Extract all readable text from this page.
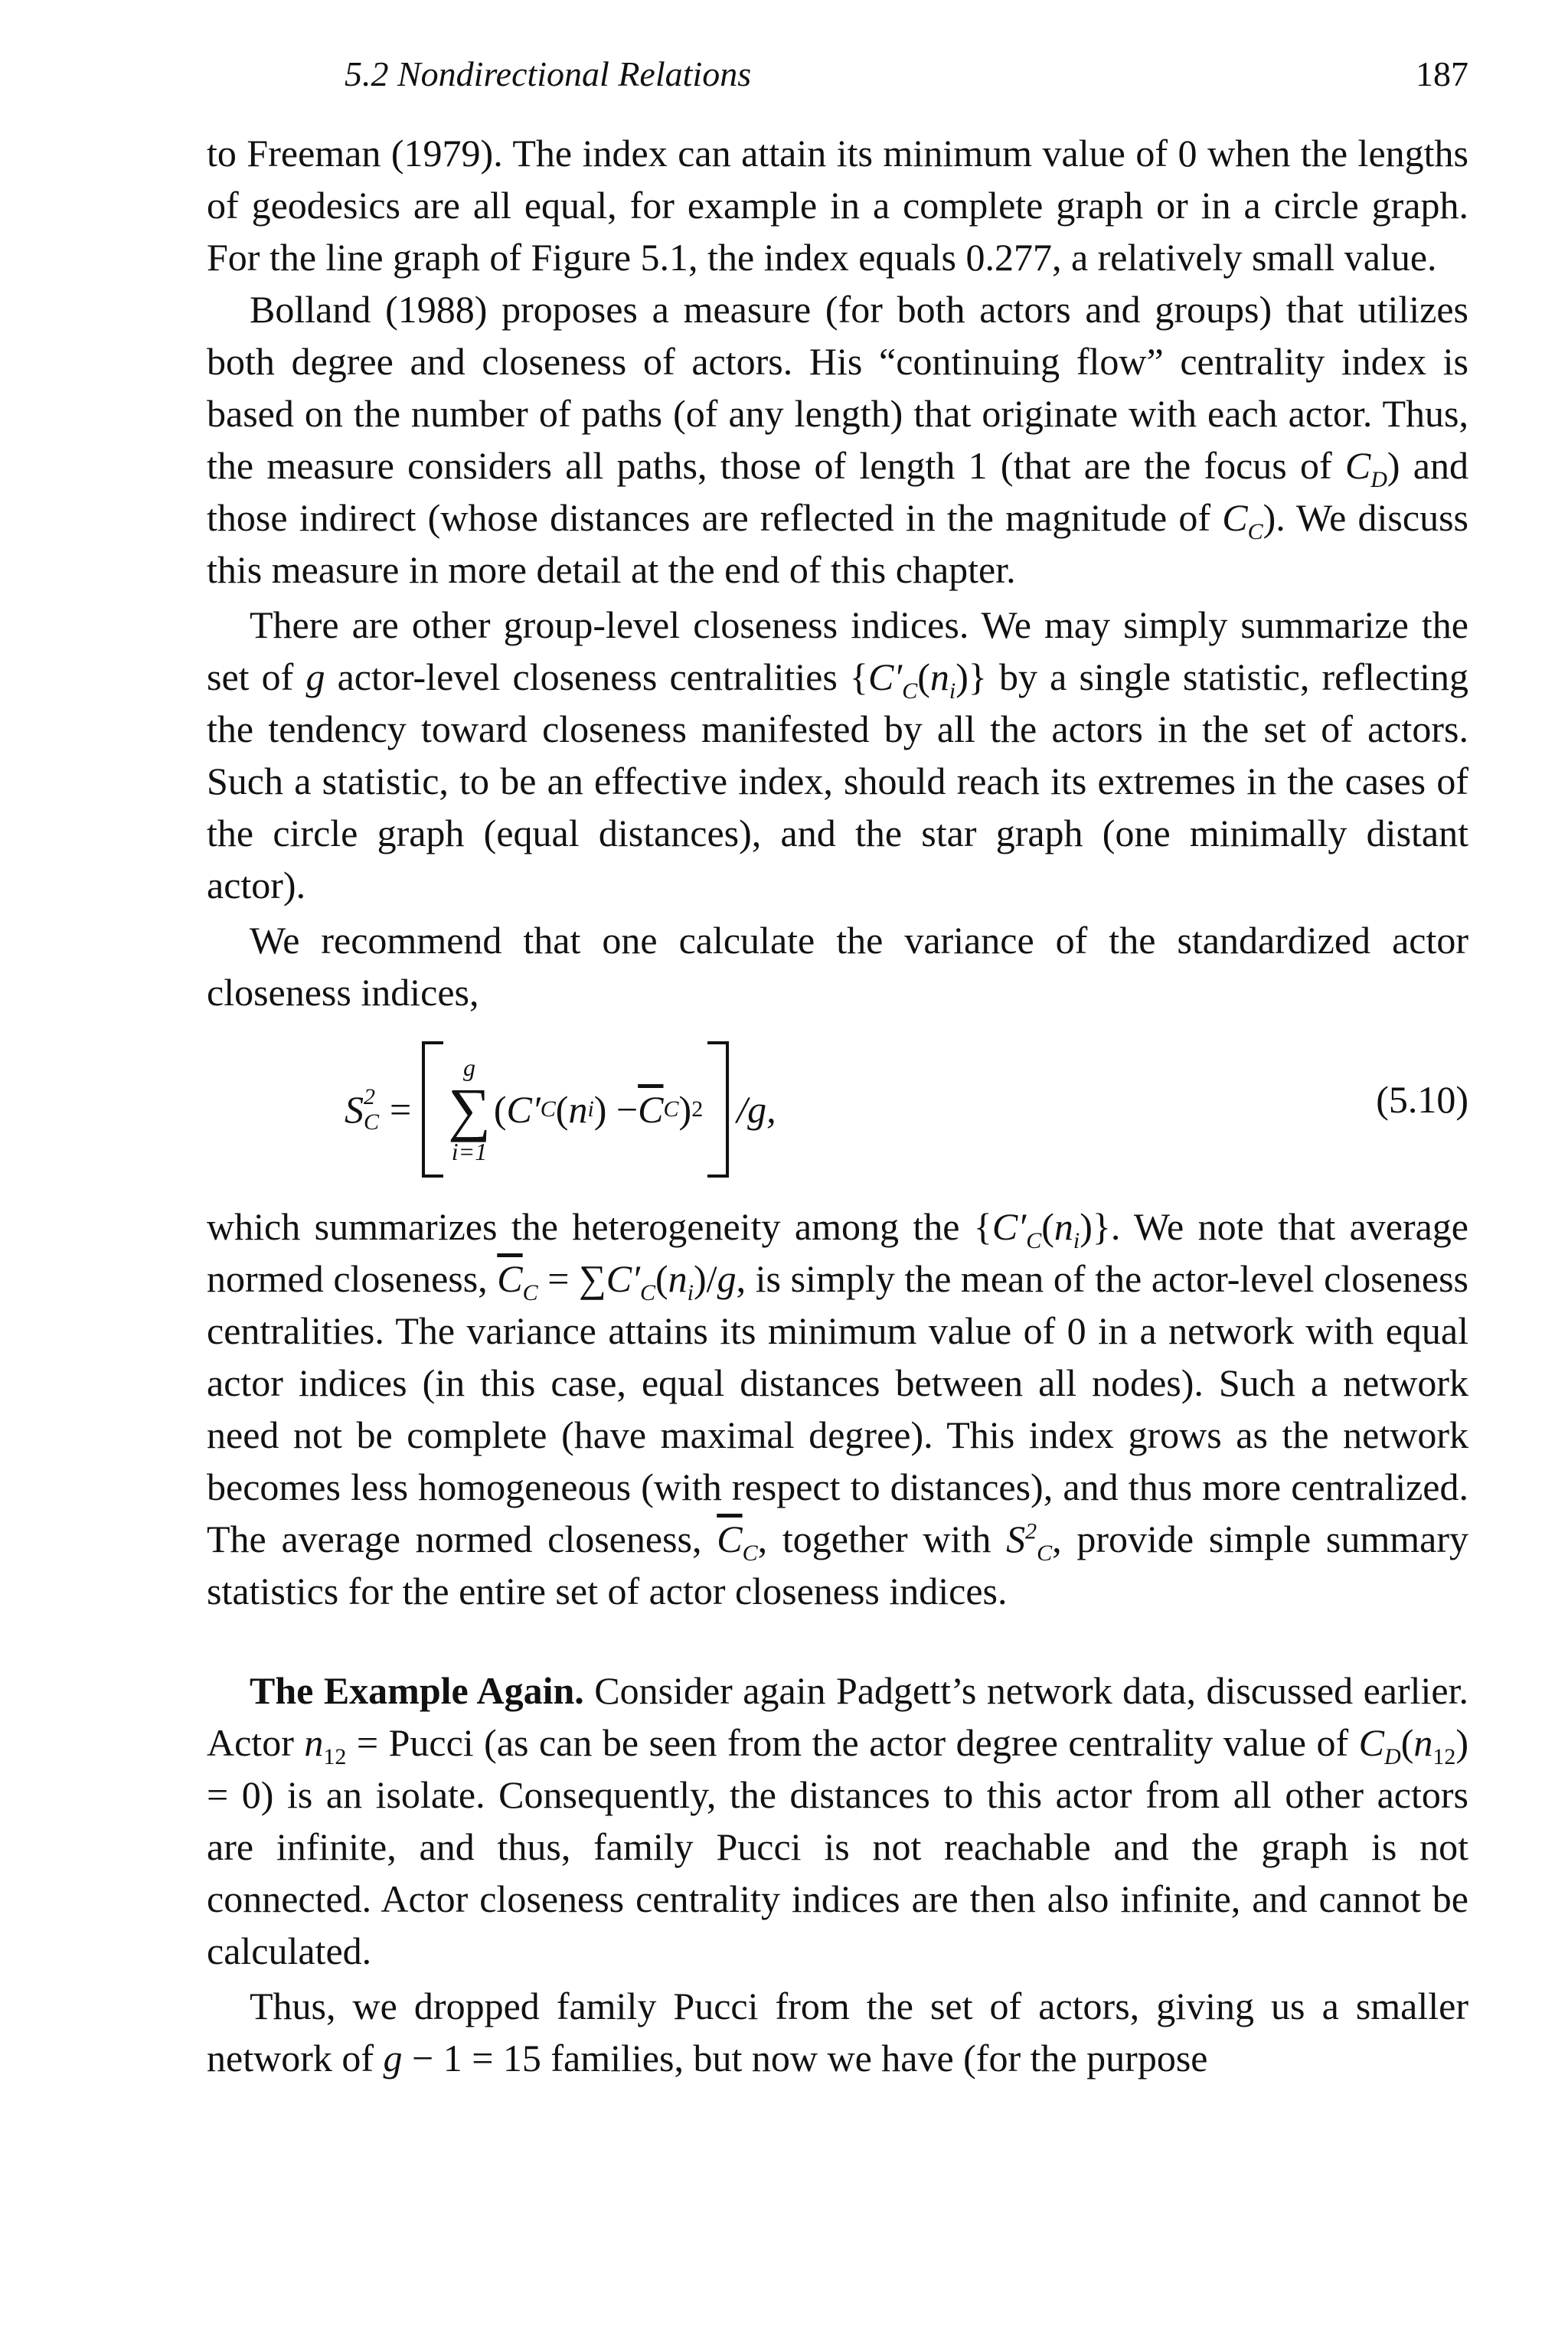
5.2 Nondirectional Relations	187

to Freeman (1979). The index can attain its minimum value of 0 when the lengths of geodesics are all equal, for example in a complete graph or in a circle graph. For the line graph of Figure 5.1, the index equals 0.277, a relatively small value.

Bolland (1988) proposes a measure (for both actors and groups) that utilizes both degree and closeness of actors. His “continuing flow” centrality index is based on the number of paths (of any length) that originate with each actor. Thus, the measure considers all paths, those of length 1 (that are the focus of $C_D$) and those indirect (whose distances are reflected in the magnitude of $C_C$). We discuss this measure in more detail at the end of this chapter.

There are other group-level closeness indices. We may simply summarize the set of g actor-level closeness centralities $\{C'_C(n_i)\}$ by a single statistic, reflecting the tendency toward closeness manifested by all the actors in the set of actors. Such a statistic, to be an effective index, should reach its extremes in the cases of the circle graph (equal distances), and the star graph (one minimally distant actor).

We recommend that one calculate the variance of the standardized actor closeness indices,

S 2
C =
g
∑
i=1
( C′ C ( n i ) − $\overline{C}$ C ) 2 /g,	(5.10)

which summarizes the heterogeneity among the $\{C'_C(n_i)\}$. We note that average normed closeness, $\overline{C}_C = \sum C'_C(n_i)/g$, is simply the mean of the actor-level closeness centralities. The variance attains its minimum value of 0 in a network with equal actor indices (in this case, equal distances between all nodes). Such a network need not be complete (have maximal degree). This index grows as the network becomes less homogeneous (with respect to distances), and thus more centralized. The average normed closeness, $\overline{C}_C$, together with $S^2_C$, provide simple summary statistics for the entire set of actor closeness indices.

The Example Again. Consider again Padgett’s network data, discussed earlier. Actor $n_{12}$ = Pucci (as can be seen from the actor degree centrality value of $C_D(n_{12}) = 0$) is an isolate. Consequently, the distances to this actor from all other actors are infinite, and thus, family Pucci is not reachable and the graph is not connected. Actor closeness centrality indices are then also infinite, and cannot be calculated.

Thus, we dropped family Pucci from the set of actors, giving us a smaller network of g − 1 = 15 families, but now we have (for the purpose
